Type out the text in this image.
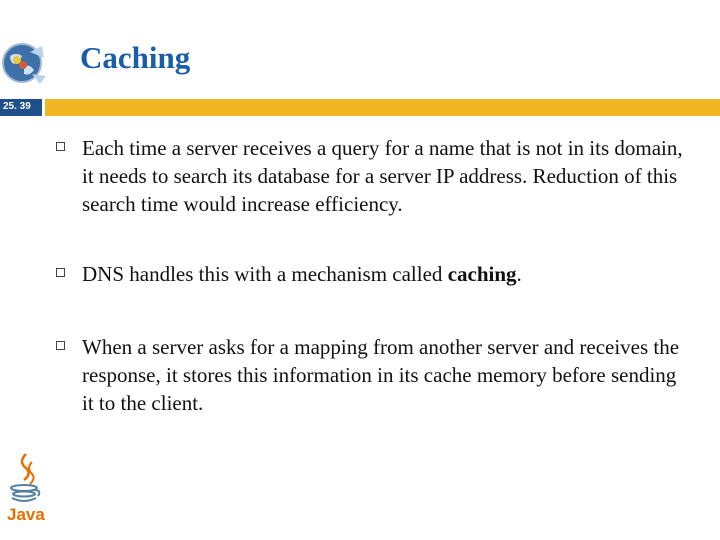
Caching
25. 39
Each time a server receives a query for a name that is not in its domain, it needs to search its database for a server IP address. Reduction of this search time would increase efficiency.
DNS handles this with a mechanism called caching.
When a server asks for a mapping from another server and receives the response, it stores this information in its cache memory before sending it to the client.
Java
